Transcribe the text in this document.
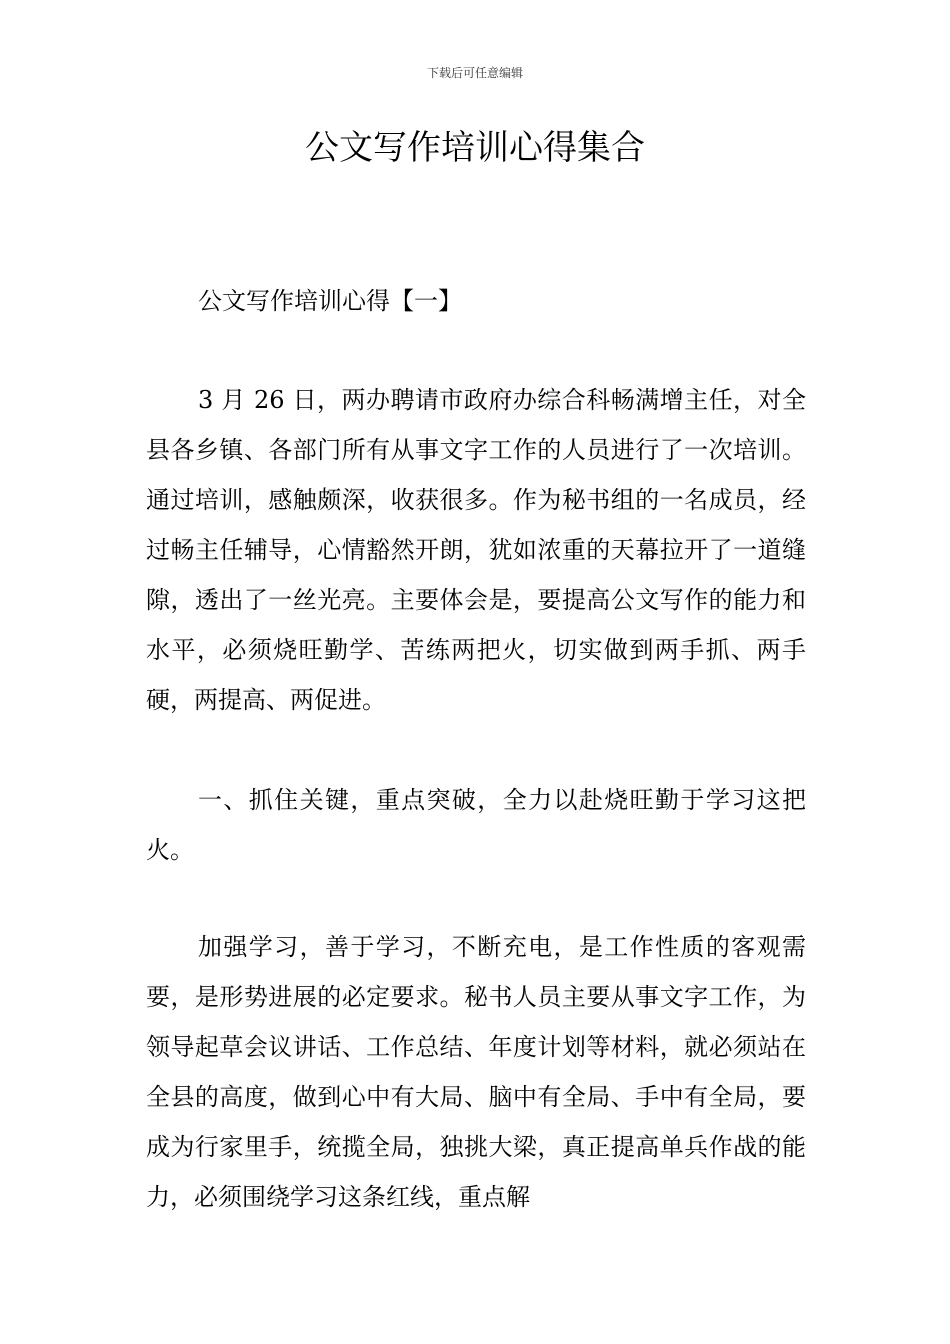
下载后可任意编辑
公文写作培训心得集合

公文写作培训心得【一】

3 月 26 日，两办聘请市政府办综合科畅满增主任，对全县各乡镇、各部门所有从事文字工作的人员进行了一次培训。通过培训，感触颇深，收获很多。作为秘书组的一名成员，经过畅主任辅导，心情豁然开朗，犹如浓重的天幕拉开了一道缝隙，透出了一丝光亮。主要体会是，要提高公文写作的能力和水平，必须烧旺勤学、苦练两把火，切实做到两手抓、两手硬，两提高、两促进。

一、抓住关键，重点突破，全力以赴烧旺勤于学习这把火。

加强学习，善于学习，不断充电，是工作性质的客观需要，是形势进展的必定要求。秘书人员主要从事文字工作，为领导起草会议讲话、工作总结、年度计划等材料，就必须站在全县的高度，做到心中有大局、脑中有全局、手中有全局，要成为行家里手，统揽全局，独挑大梁，真正提高单兵作战的能力，必须围绕学习这条红线，重点解
